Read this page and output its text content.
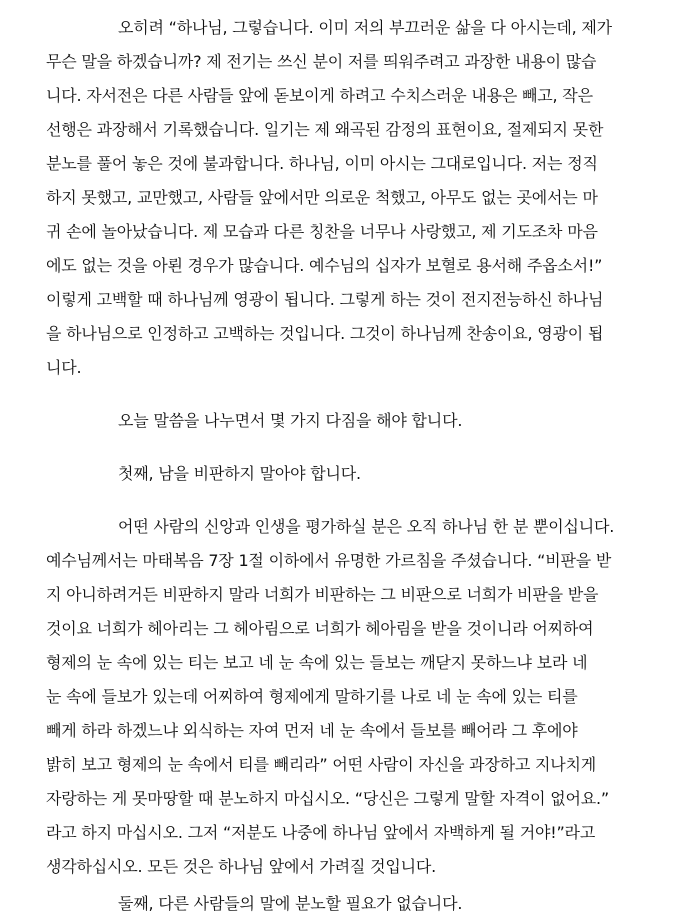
오히려 “하나님, 그렇습니다. 이미 저의 부끄러운 삶을 다 아시는데, 제가
무슨 말을 하겠습니까? 제 전기는 쓰신 분이 저를 띄워주려고 과장한 내용이 많습
니다. 자서전은 다른 사람들 앞에 돋보이게 하려고 수치스러운 내용은 빼고, 작은
선행은 과장해서 기록했습니다. 일기는 제 왜곡된 감정의 표현이요, 절제되지 못한
분노를 풀어 놓은 것에 불과합니다. 하나님, 이미 아시는 그대로입니다. 저는 정직
하지 못했고, 교만했고, 사람들 앞에서만 의로운 척했고, 아무도 없는 곳에서는 마
귀 손에 놀아났습니다. 제 모습과 다른 칭찬을 너무나 사랑했고, 제 기도조차 마음
에도 없는 것을 아뢴 경우가 많습니다. 예수님의 십자가 보혈로 용서해 주옵소서!”
이렇게 고백할 때 하나님께 영광이 됩니다. 그렇게 하는 것이 전지전능하신 하나님
을 하나님으로 인정하고 고백하는 것입니다. 그것이 하나님께 찬송이요, 영광이 됩
니다.
오늘 말씀을 나누면서 몇 가지 다짐을 해야 합니다.
첫째, 남을 비판하지 말아야 합니다.
어떤 사람의 신앙과 인생을 평가하실 분은 오직 하나님 한 분 뿐이십니다.
예수님께서는 마태복음 7장 1절 이하에서 유명한 가르침을 주셨습니다. “비판을 받
지 아니하려거든 비판하지 말라 너희가 비판하는 그 비판으로 너희가 비판을 받을
것이요 너희가 헤아리는 그 헤아림으로 너희가 헤아림을 받을 것이니라 어찌하여
형제의 눈 속에 있는 티는 보고 네 눈 속에 있는 들보는 깨닫지 못하느냐 보라 네
눈 속에 들보가 있는데 어찌하여 형제에게 말하기를 나로 네 눈 속에 있는 티를
빼게 하라 하겠느냐 외식하는 자여 먼저 네 눈 속에서 들보를 빼어라 그 후에야
밝히 보고 형제의 눈 속에서 티를 빼리라” 어떤 사람이 자신을 과장하고 지나치게
자랑하는 게 못마땅할 때 분노하지 마십시오. “당신은 그렇게 말할 자격이 없어요.”
라고 하지 마십시오. 그저 “저분도 나중에 하나님 앞에서 자백하게 될 거야!”라고
생각하십시오. 모든 것은 하나님 앞에서 가려질 것입니다.
둘째, 다른 사람들의 말에 분노할 필요가 없습니다.
